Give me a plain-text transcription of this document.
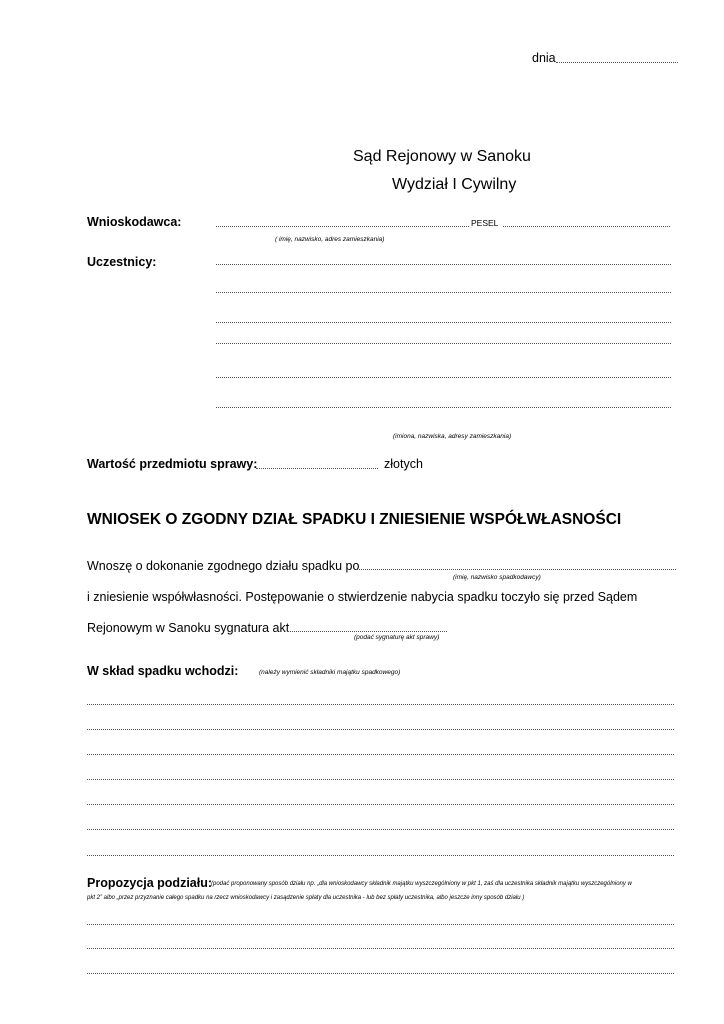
dnia
Sąd Rejonowy w Sanoku
Wydział I Cywilny
Wnioskodawca:	PESEL
( imię, nazwisko, adres zamieszkania)
Uczestnicy:
(imiona, nazwiska, adresy zamieszkania)
Wartość przedmiotu sprawy:	złotych
WNIOSEK O ZGODNY DZIAŁ SPADKU I ZNIESIENIE WSPÓŁWŁASNOŚCI
Wnoszę o dokonanie zgodnego działu spadku po
(imię, nazwisko spadkodawcy)
i zniesienie współwłasności. Postępowanie o stwierdzenie nabycia spadku toczyło się przed Sądem
Rejonowym w Sanoku sygnatura akt
(podać sygnaturę akt sprawy)
W skład spadku wchodzi:	(należy wymienić składniki majątku spadkowego)
Propozycja podziału:
(podać proponowany sposób działu np. „dla wnioskodawcy składnik majątku wyszczególniony w pkt 1, zaś dla uczestnika składnik majątku wyszczególniony w
pkt 2” albo „przez przyznanie całego spadku na rzecz wnioskodawcy i zasądzenie spłaty dla uczestnika - lub bez spłaty uczestnika, albo jeszcze inny sposób działu )
